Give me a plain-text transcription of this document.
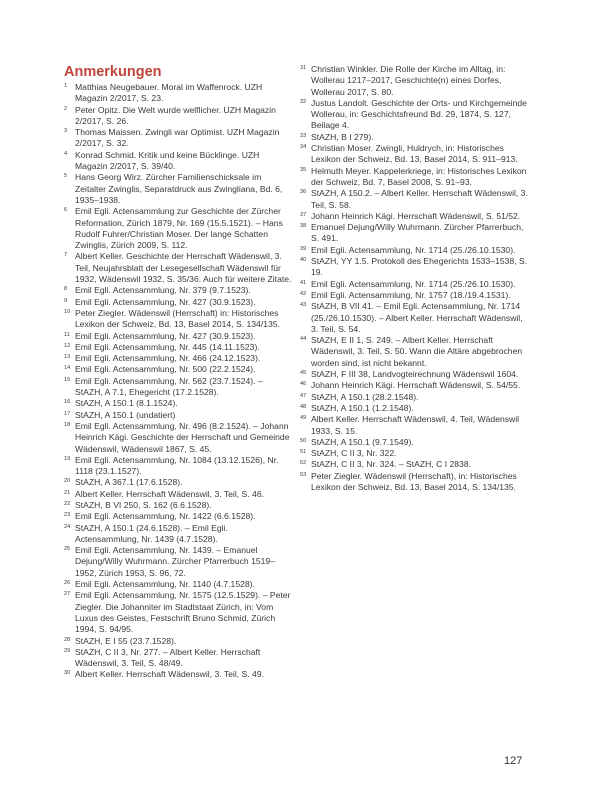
Anmerkungen

1 Matthias Neugebauer. Moral im Waffenrock. UZH Magazin 2/2017, S. 23.

2 Peter Opitz. Die Welt wurde welflicher. UZH Magazin 2/2017, S. 26.

3 Thomas Maissen. Zwingli war Optimist. UZH Magazin 2/2017, S. 32.

4 Konrad Schmid. Kritik und keine Bücklinge. UZH Magazin 2/2017, S. 39/40.

5 Hans Georg Wirz. Zürcher Familienschicksale im Zeitalter Zwinglis, Separatdruck aus Zwingliana, Bd. 6, 1935–1938.

6 Emil Egli. Actensammlung zur Geschichte der Zürcher Reformation, Zürich 1879, Nr. 169 (15.5.1521). – Hans Rudolf Fuhrer/Christian Moser. Der lange Schatten Zwinglis, Zürich 2009, S. 112.

7 Albert Keller. Geschichte der Herrschaft Wädenswil, 3. Teil, Neujahrsblatt der Lesegesellschaft Wädenswil für 1932, Wädenswil 1932, S. 35/36. Auch für weitere Zitate.

8 Emil Egli. Actensammlung, Nr. 379 (9.7.1523).

9 Emil Egli. Actensammlung, Nr. 427 (30.9.1523).

10 Peter Ziegler. Wädenswil (Herrschaft) in: Historisches Lexikon der Schweiz, Bd. 13, Basel 2014, S. 134/135.

11 Emil Egli. Actensammlung, Nr. 427 (30.9.1523).

12 Emil Egli. Actensammlung, Nr. 445 (14.11.1523).

13 Emil Egli. Actensammlung, Nr. 466 (24.12.1523).

14 Emil Egli. Actensammlung, Nr. 500 (22.2.1524).

15 Emil Egli. Actensammlung, Nr. 562 (23.7.1524). – StAZH, A 7.1, Ehegericht (17.2.1528).

16 StAZH, A 150.1 (8.1.1524).

17 StAZH, A 150.1 (undatiert)

18 Emil Egli. Actensammlung, Nr. 496 (8.2.1524). – Johann Heinrich Kägi. Geschichte der Herrschaft und Gemeinde Wädenswil, Wädenswil 1867, S. 45.

19 Emil Egli. Actensammlung, Nr. 1084 (13.12.1526), Nr. 1118 (23.1.1527).

20 StAZH, A 367.1 (17.6.1528).

21 Albert Keller. Herrschaft Wädenswil, 3. Teil, S. 46.

22 StAZH, B VI 250, S. 162 (6.6.1528).

23 Emil Egli. Actensammlung, Nr. 1422 (6.6.1528).

24 StAZH, A 150.1 (24.6.1528). – Emil Egli. Actensammlung, Nr. 1439 (4.7.1528).

25 Emil Egli. Actensammlung, Nr. 1439. – Emanuel Dejung/Willy Wuhrmann. Zürcher Pfarrerbuch 1519–1952, Zürich 1953, S. 96, 72.

26 Emil Egli. Actensammlung, Nr. 1140 (4.7.1528).

27 Emil Egli. Actensammlung, Nr. 1575 (12.5.1529). – Peter Ziegler. Die Johanniter im Stadtstaat Zürich, in: Vom Luxus des Geistes, Festschrift Bruno Schmid, Zürich 1994, S. 94/95.

28 StAZH, E I 55 (23.7.1528).

29 StAZH, C II 3, Nr. 277. – Albert Keller. Herrschaft Wädenswil, 3. Teil, S. 48/49.

30 Albert Keller. Herrschaft Wädenswil, 3. Teil, S. 49.

31 Christian Winkler. Die Rolle der Kirche im Alltag, in: Wollerau 1217–2017, Geschichte(n) eines Dorfes, Wollerau 2017, S. 80.

32 Justus Landolt. Geschichte der Orts- und Kirchgemeinde Wollerau, in: Geschichtsfreund Bd. 29, 1874, S. 127, Beilage 4.

33 StAZH, B I 279).

34 Christian Moser. Zwingli, Huldrych, in: Historisches Lexikon der Schweiz, Bd. 13, Basel 2014, S. 911–913.

35 Helmuth Meyer. Kappelerkriege, in: Historisches Lexikon der Schweiz, Bd. 7, Basel 2008, S. 91–93.

36 StAZH, A 150.2. – Albert Keller. Herrschaft Wädenswil, 3. Teil, S. 58.

37 Johann Heinrich Kägi. Herrschaft Wädenswil, S. 51/52.

38 Emanuel Dejung/Willy Wuhrmann. Zürcher Pfarrerbuch, S. 491.

39 Emil Egli. Actensammlung, Nr. 1714 (25./26.10.1530).

40 StAZH, YY 1.5. Protokoll des Ehegerichts 1533–1538, S. 19.

41 Emil Egli. Actensammlung, Nr. 1714 (25./26.10.1530).

42 Emil Egli. Actensammlung, Nr. 1757 (18./19.4.1531).

43 StAZH, B VII 41. – Emil Egli. Actensammlung, Nr. 1714 (25./26.10.1530). – Albert Keller. Herrschaft Wädenswil, 3. Teil, S. 54.

44 StAZH, E II 1, S. 249. – Albert Keller. Herrschaft Wädenswil, 3. Teil, S. 50. Wann die Altäre abgebrochen worden sind, ist nicht bekannt.

45 StAZH, F III 38, Landvogteirechnung Wädenswil 1604.

46 Johann Heinrich Kägi. Herrschaft Wädenswil, S. 54/55.

47 StAZH, A 150.1 (28.2.1548).

48 StAZH, A 150.1 (1.2.1548).

49 Albert Keller. Herrschaft Wädenswil, 4. Teil, Wädenswil 1933, S. 15.

50 StAZH, A 150.1 (9.7.1549).

51 StAZH, C II 3, Nr. 322.

52 StAZH, C II 3, Nr. 324. – StAZH, C I 2838.

53 Peter Ziegler. Wädenswil (Herrschaft), in: Historisches Lexikon der Schweiz, Bd. 13, Basel 2014, S. 134/135.

127
